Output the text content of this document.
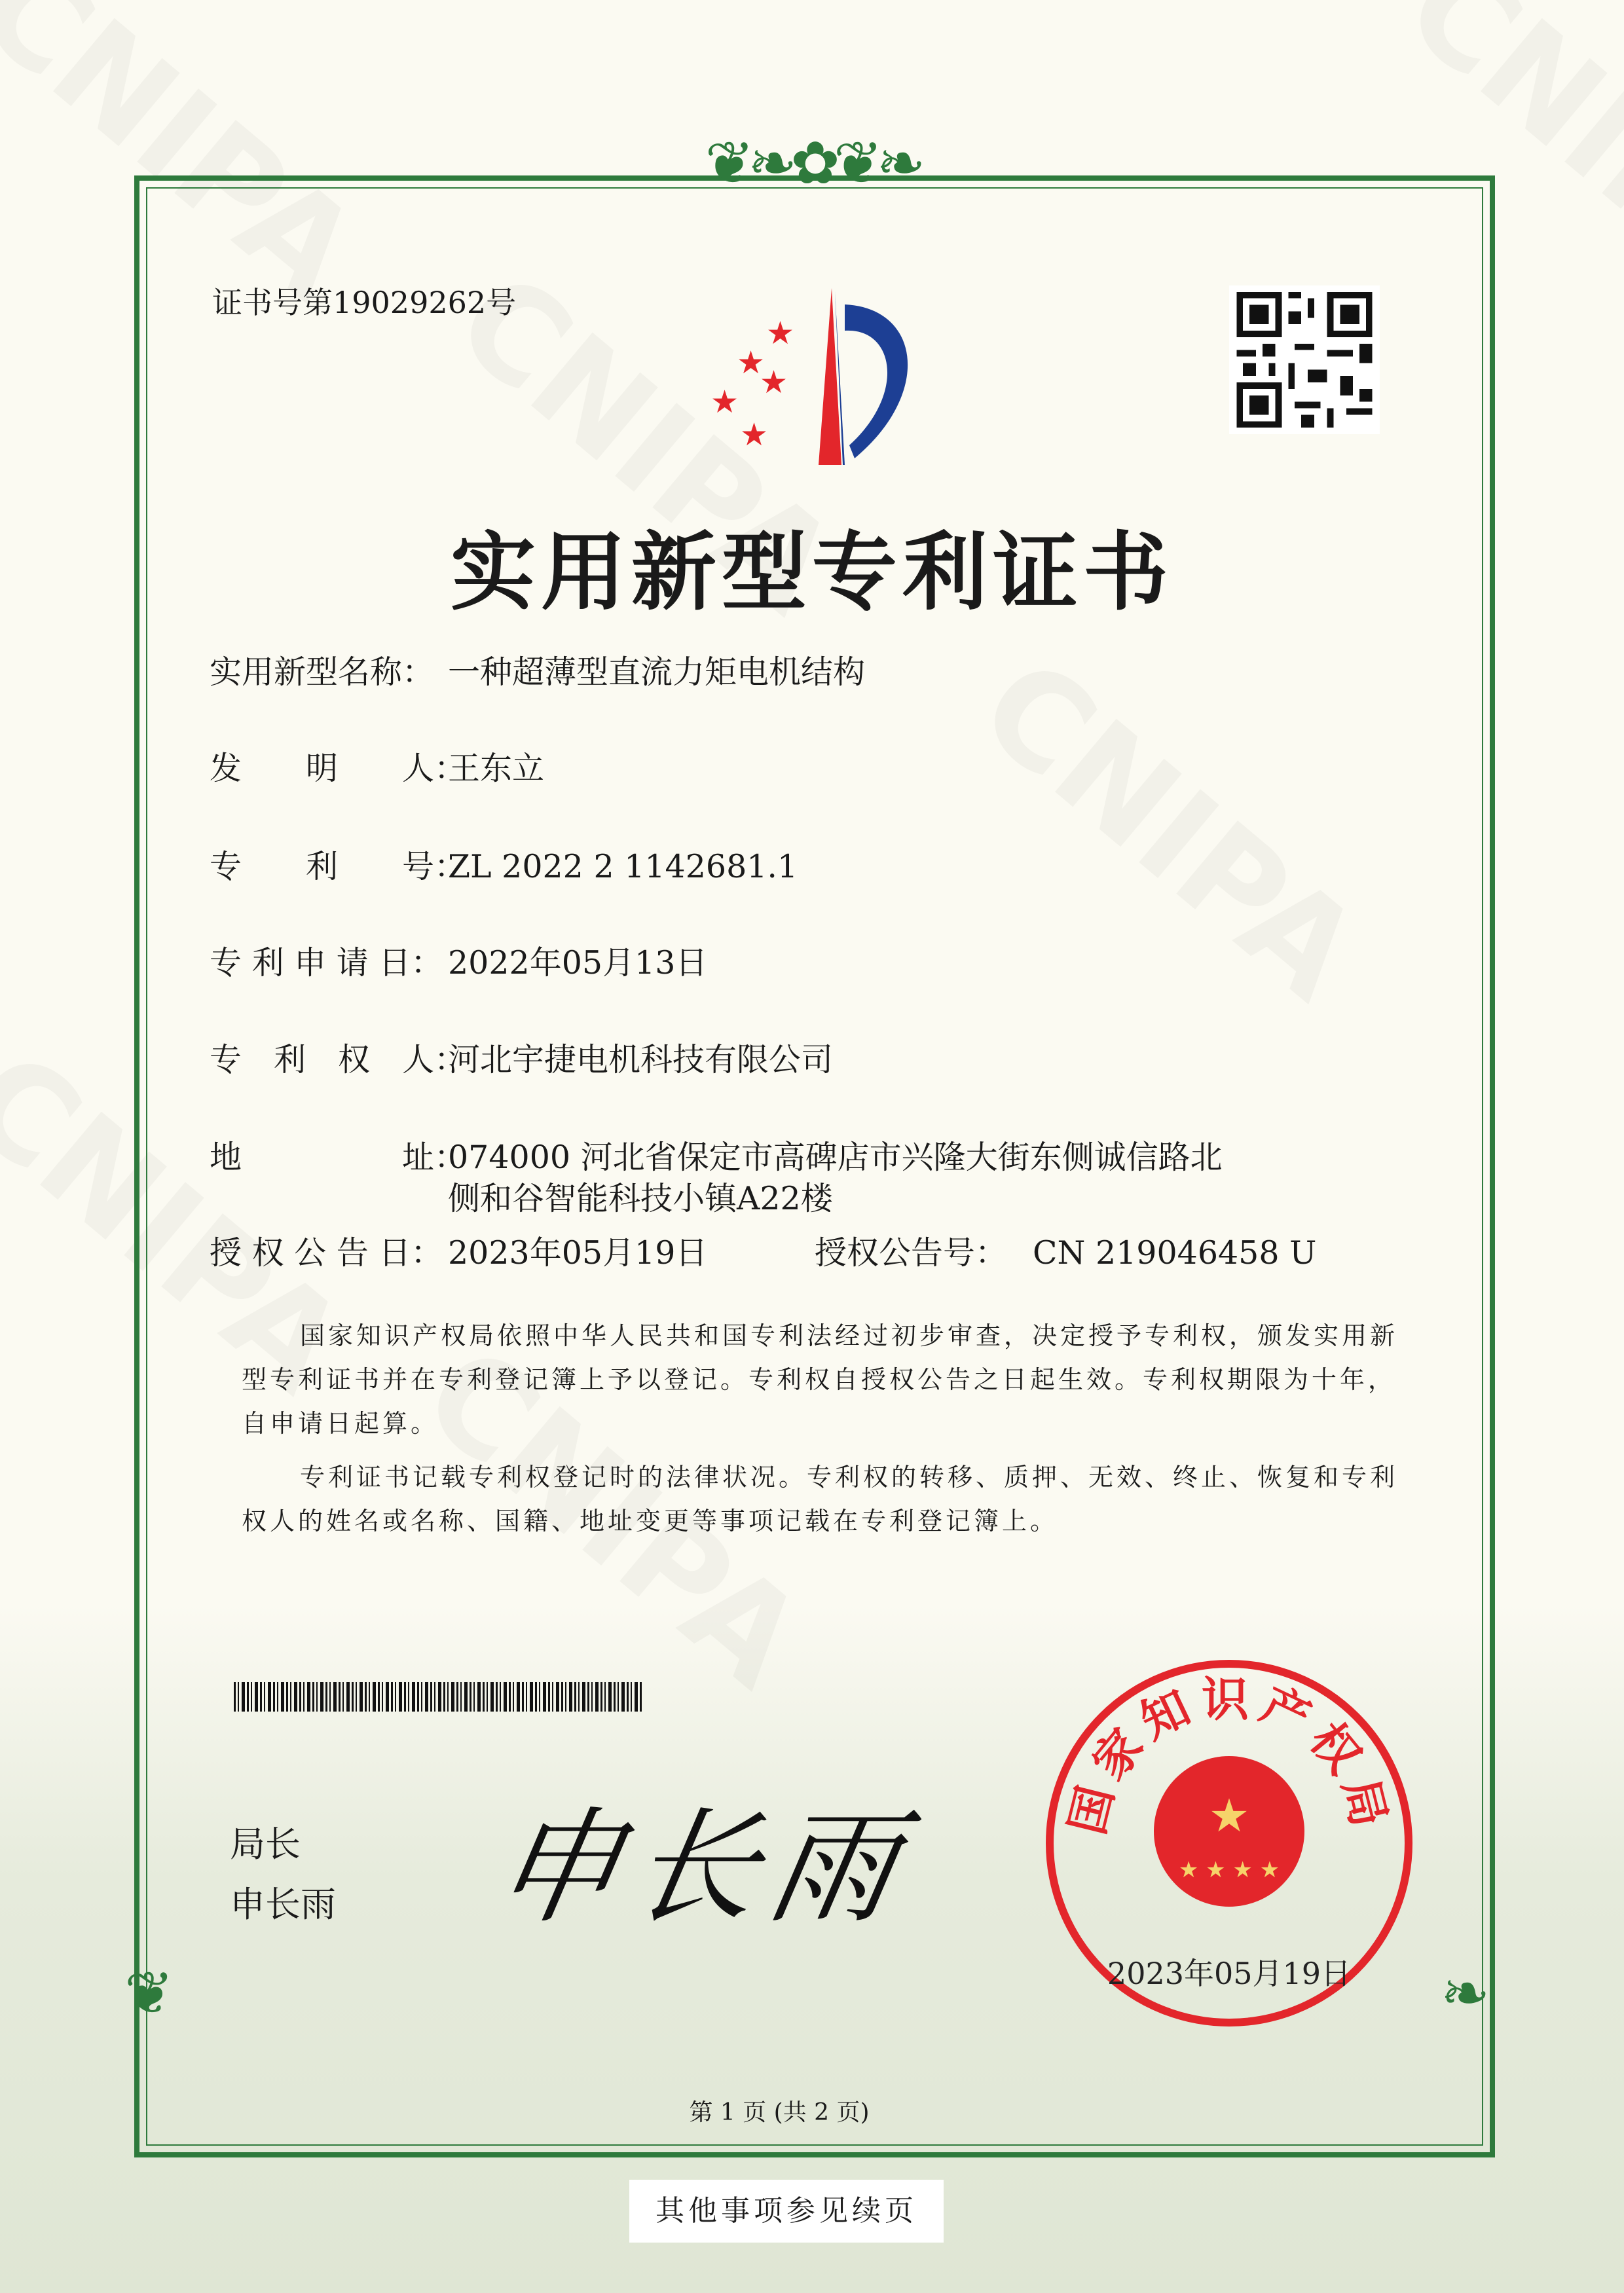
❦❧✿❦❧
❦	❧
证书号第19029262号
★
★
★
★
★
实用新型专利证书
实用新型名称： 一种超薄型直流力矩电机结构
发　　明　　人：
王东立
专　　利　　号：
ZL 2022 2 1142681.1
专 利 申 请 日： 2022年05月13日
专　利　权　人：
河北宇捷电机科技有限公司
地　　　　　址：
074000 河北省保定市高碑店市兴隆大街东侧诚信路北
侧和谷智能科技小镇A22楼
授 权 公 告 日： 2023年05月19日	授权公告号： CN 219046458 U

国家知识产权局依照中华人民共和国专利法经过初步审查，决定授予专利权，颁发实用新型专利证书并在专利登记簿上予以登记。专利权自授权公告之日起生效。专利权期限为十年，自申请日起算。

专利证书记载专利权登记时的法律状况。专利权的转移、质押、无效、终止、恢复和专利权人的姓名或名称、国籍、地址变更等事项记载在专利登记簿上。

局长
申长雨 申长雨	国家知识产权局
★
★ ★ ★ ★
2023年05月19日
第 1 页 (共 2 页)
其他事项参见续页
